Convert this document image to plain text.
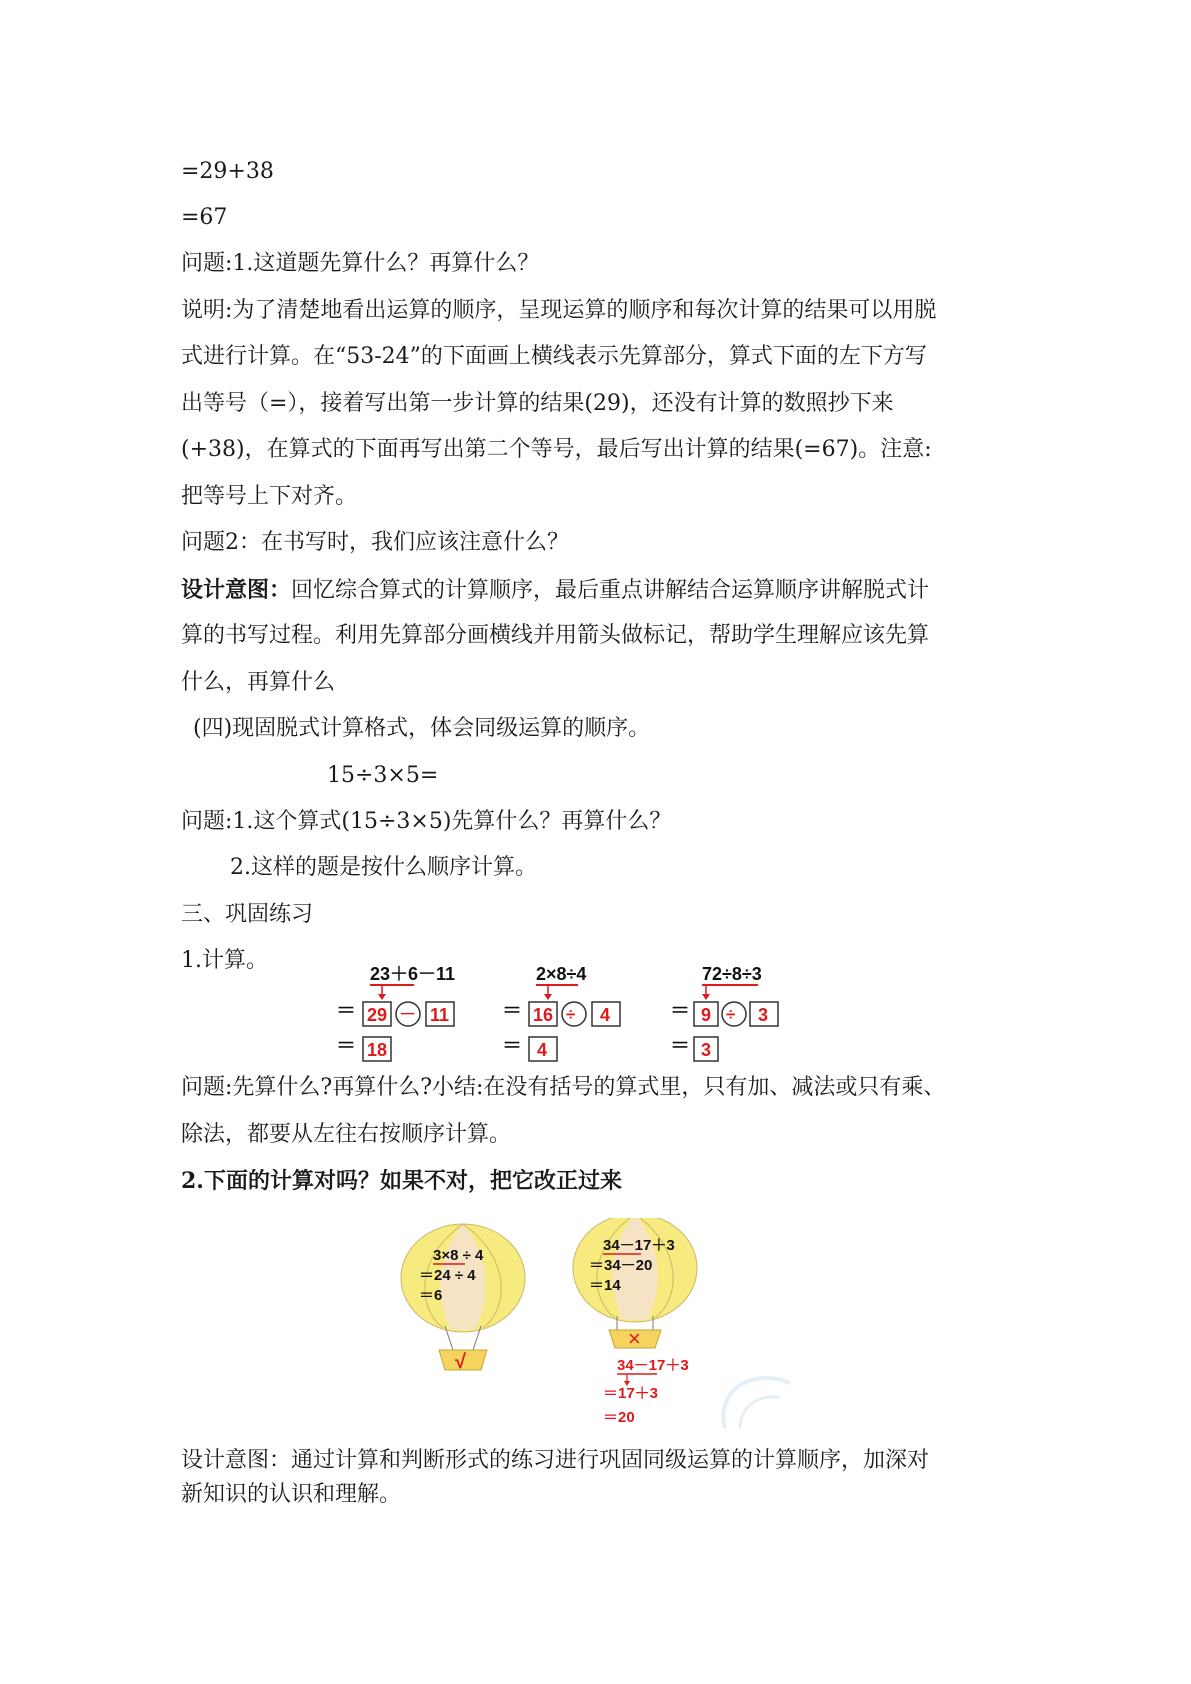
=29+38
=67
问题:1.这道题先算什么？再算什么？
说明:为了清楚地看出运算的顺序，呈现运算的顺序和每次计算的结果可以用脱
式进行计算。在“53-24”的下面画上横线表示先算部分，算式下面的左下方写
出等号（=），接着写出第一步计算的结果(29)，还没有计算的数照抄下来
(+38)，在算式的下面再写出第二个等号，最后写出计算的结果(=67)。注意:
把等号上下对齐。
问题2：在书写时，我们应该注意什么？
设计意图：回忆综合算式的计算顺序，最后重点讲解结合运算顺序讲解脱式计
算的书写过程。利用先算部分画横线并用箭头做标记，帮助学生理解应该先算
什么，再算什么
(四)现固脱式计算格式，体会同级运算的顺序。
15÷3×5=
问题:1.这个算式(15÷3×5)先算什么？再算什么？
2.这样的题是按什么顺序计算。
三、巩固练习
1.计算。
23＋6－11
＝ 29 － 11
＝ 18
2×8÷4
＝ 16 ÷ 4
＝ 4
72÷8÷3
＝ 9 ÷ 3
＝ 3
问题:先算什么?再算什么?小结:在没有括号的算式里，只有加、减法或只有乘、
除法，都要从左往右按顺序计算。
2.下面的计算对吗？如果不对，把它改正过来
3×8 ÷ 4
＝24 ÷ 4
＝6
√
34－17＋3
＝34－20
＝14
×
34－17＋3
＝17＋3
＝20
设计意图：通过计算和判断形式的练习进行巩固同级运算的计算顺序，加深对
新知识的认识和理解。
